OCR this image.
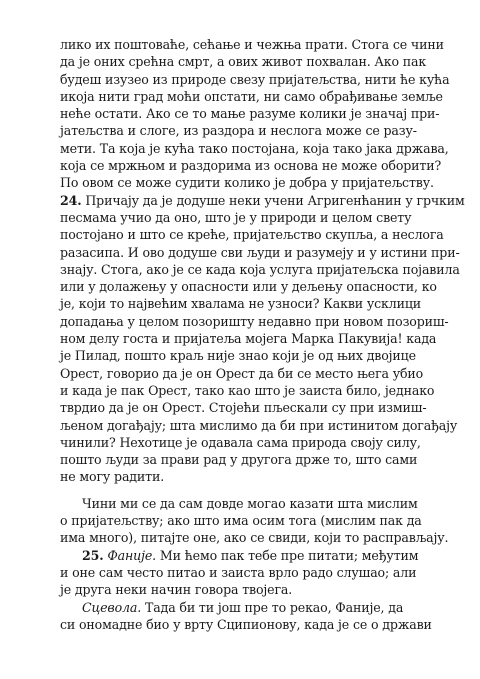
лико их поштоваће, сећање и чежња прати. Стога се чини
да је оних срећна смрт, а ових живот похвалан. Ако пак
будеш изузео из природе свезу пријатељства, нити ће кућа
икоја нити град моћи опстати, ни само обрађивање земље
неће остати. Ако се то мање разуме колики је значај при-
јатељства и слоге, из раздора и неслога може се разу-
мети. Та која је кућа тако постојана, која тако јака држава,
која се мржњом и раздорима из основа не може оборити?
По овом се може судити колико је добра у пријатељству.
24. Причају да је додуше неки учени Агригенћанин у грчким
песмама учио да оно, што је у природи и целом свету
постојано и што се креће, пријатељство скупља, а неслога
разасипа. И ово додуше сви људи и разумеју и у истини при-
знају. Стога, ако је се када која услуга пријатељска појавила
или у долажењу у опасности или у дељењу опасности, ко
је, који то највећим хвалама не узноси? Какви усклици
допадања у целом позоришту недавно при новом позориш-
ном делу госта и пријатеља мојега Марка Пакувија! када
је Пилад, пошто краљ није знао који је од њих двојице
Орест, говорио да је он Орест да би се место њега убио
и када је пак Орест, тако као што је заиста било, једнако
тврдио да је он Орест. Стојећи пљескали су при измиш-
љеном догађају; шта мислимо да би при истинитом догађају
чинили? Нехотице је одавала сама природа своју силу,
пошто људи за прави рад у другога држе то, што сами
не могу радити.
Чини ми се да сам довде могао казати шта мислим
о пријатељству; ако што има осим тога (мислим пак да
има много), питајте оне, ако се свиди, који то расправљају.
25. Фаније. Ми ћемо пак тебе пре питати; међутим
и оне сам често питао и заиста врло радо слушао; али
је друга неки начин говора твојега.
Сцевола. Тада би ти још пре то рекао, Фаније, да
си ономадне био у врту Сципионову, када је се о држави
